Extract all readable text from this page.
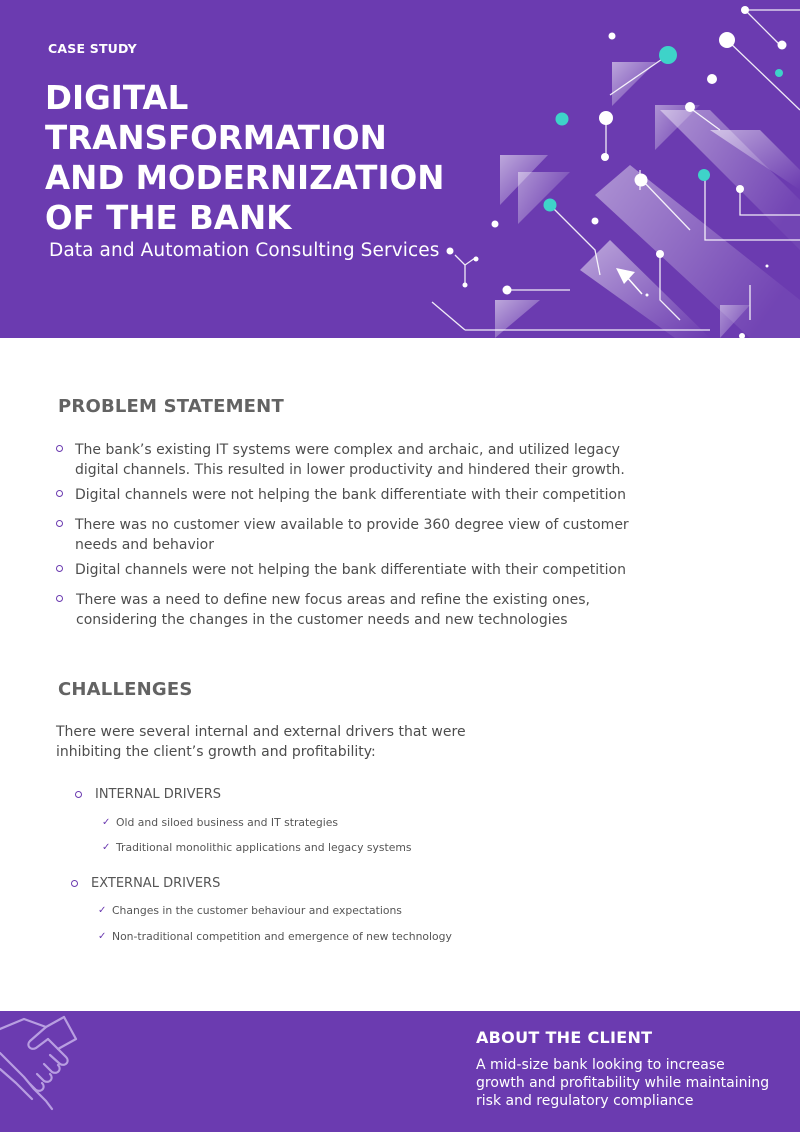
CASE STUDY

DIGITAL TRANSFORMATION
AND MODERNIZATION
OF THE BANK

Data and Automation Consulting Services

PROBLEM STATEMENT
The bank’s existing IT systems were complex and archaic, and utilized legacy digital channels. This resulted in lower productivity and hindered their growth.
Digital channels were not helping the bank differentiate with their competition
There was no customer view available to provide 360 degree view of customer needs and behavior
Digital channels were not helping the bank differentiate with their competition
There was a need to define new focus areas and refine the existing ones, considering the changes in the customer needs and new technologies
CHALLENGES

There were several internal and external drivers that were inhibiting the client’s growth and profitability:

INTERNAL DRIVERS

✓ Old and siloed business and IT strategies

✓ Traditional monolithic applications and legacy systems

EXTERNAL DRIVERS

✓ Changes in the customer behaviour and expectations

✓ Non-traditional competition and emergence of new technology

ABOUT THE CLIENT

A mid-size bank looking to increase growth and profitability while maintaining risk and regulatory compliance
